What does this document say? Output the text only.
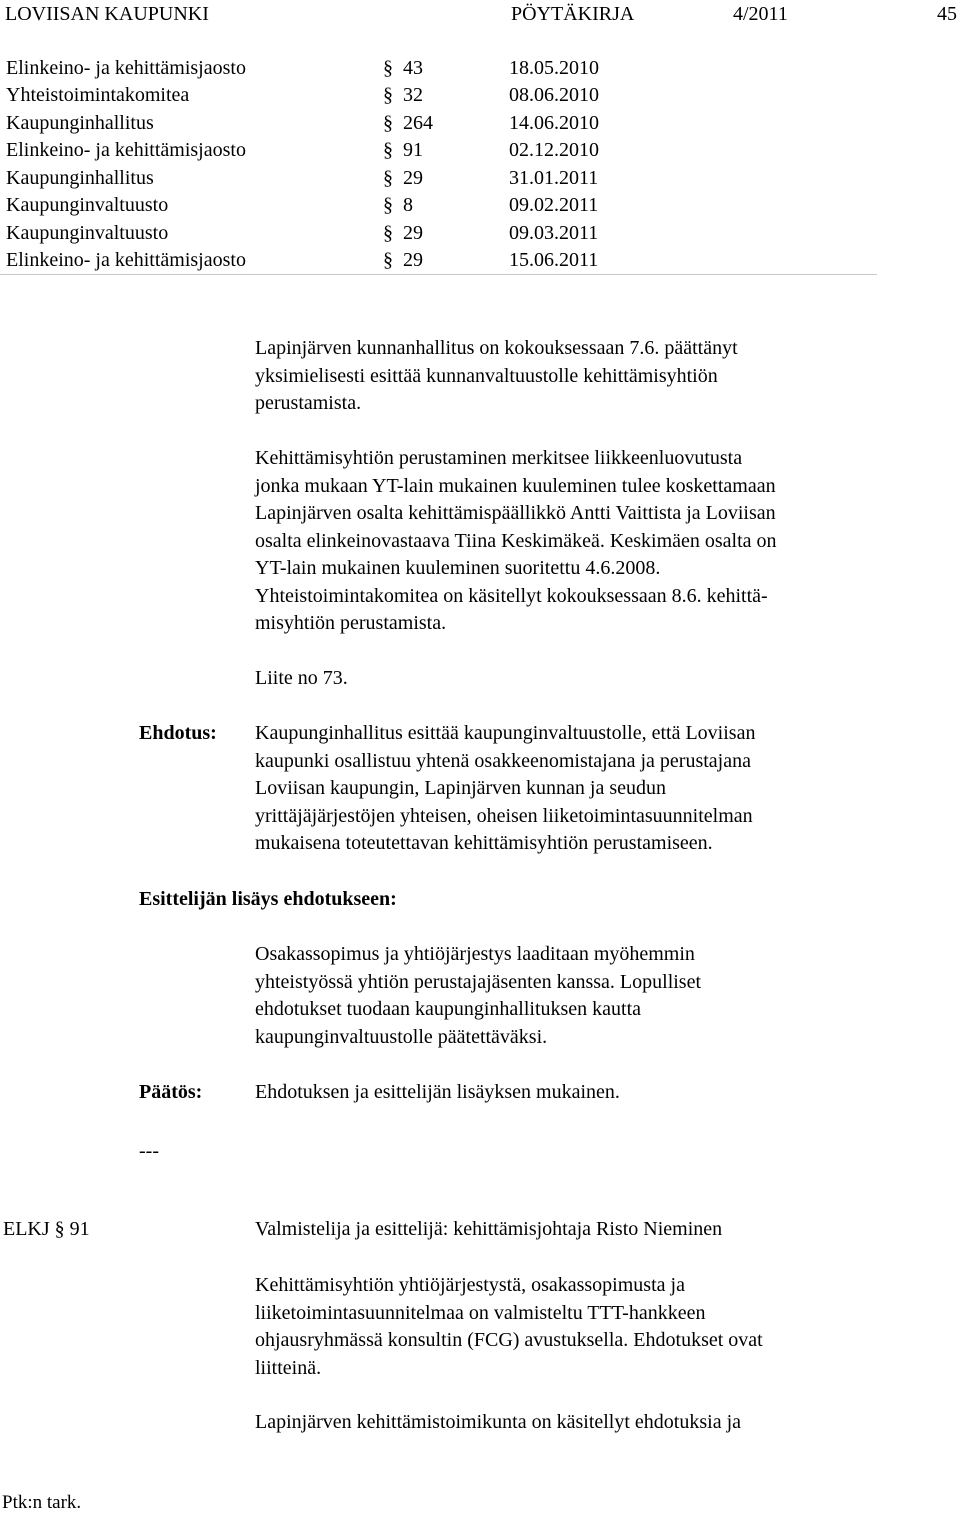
LOVIISAN KAUPUNKI	PÖYTÄKIRJA	4/2011	45
Elinkeino- ja kehittämisjaosto	§ 43	18.05.2010
Yhteistoimintakomitea	§ 32	08.06.2010
Kaupunginhallitus	§ 264	14.06.2010
Elinkeino- ja kehittämisjaosto	§ 91	02.12.2010
Kaupunginhallitus	§ 29	31.01.2011
Kaupunginvaltuusto	§ 8	09.02.2011
Kaupunginvaltuusto	§ 29	09.03.2011
Elinkeino- ja kehittämisjaosto	§ 29	15.06.2011
Lapinjärven kunnanhallitus on kokouksessaan 7.6. päättänyt
yksimielisesti esittää kunnanvaltuustolle kehittämisyhtiön
perustamista.
Kehittämisyhtiön perustaminen merkitsee liikkeenluovutusta
jonka mukaan YT-lain mukainen kuuleminen tulee koskettamaan
Lapinjärven osalta kehittämispäällikkö Antti Vaittista ja Loviisan
osalta elinkeinovastaava Tiina Keskimäkeä. Keskimäen osalta on
YT-lain mukainen kuuleminen suoritettu 4.6.2008.
Yhteistoimintakomitea on käsitellyt kokouksessaan 8.6. kehittä-
misyhtiön perustamista.
Liite no 73.
Ehdotus: Kaupunginhallitus esittää kaupunginvaltuustolle, että Loviisan
kaupunki osallistuu yhtenä osakkeenomistajana ja perustajana
Loviisan kaupungin, Lapinjärven kunnan ja seudun
yrittäjäjärjestöjen yhteisen, oheisen liiketoimintasuunnitelman
mukaisena toteutettavan kehittämisyhtiön perustamiseen.
Esittelijän lisäys ehdotukseen:
Osakassopimus ja yhtiöjärjestys laaditaan myöhemmin
yhteistyössä yhtiön perustajajäsenten kanssa. Lopulliset
ehdotukset tuodaan kaupunginhallituksen kautta
kaupunginvaltuustolle päätettäväksi.
Päätös:	Ehdotuksen ja esittelijän lisäyksen mukainen.
---
ELKJ § 91	Valmistelija ja esittelijä: kehittämisjohtaja Risto Nieminen
Kehittämisyhtiön yhtiöjärjestystä, osakassopimusta ja
liiketoimintasuunnitelmaa on valmisteltu TTT-hankkeen
ohjausryhmässä konsultin (FCG) avustuksella. Ehdotukset ovat
liitteinä.
Lapinjärven kehittämistoimikunta on käsitellyt ehdotuksia ja
Ptk:n tark.
